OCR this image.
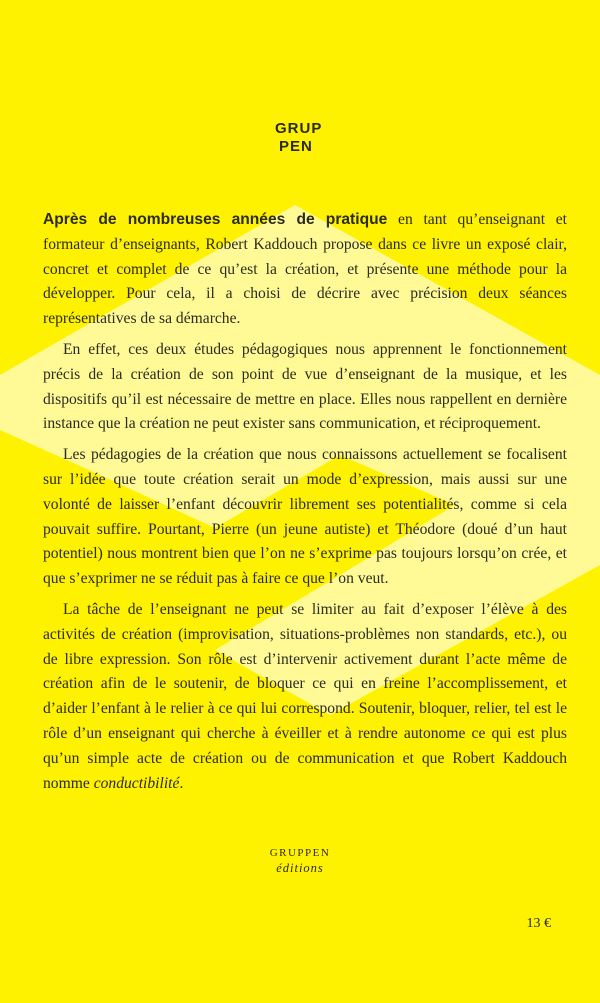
GRUP
PEN

Après de nombreuses années de pratique en tant qu’enseignant et formateur d’enseignants, Robert Kaddouch propose dans ce livre un exposé clair, concret et complet de ce qu’est la création, et présente une méthode pour la développer. Pour cela, il a choisi de décrire avec précision deux séances représentatives de sa démarche.

En effet, ces deux études pédagogiques nous apprennent le fonctionnement précis de la création de son point de vue d’enseignant de la musique, et les dispositifs qu’il est nécessaire de mettre en place. Elles nous rappellent en dernière instance que la création ne peut exister sans communication, et réciproquement.

Les pédagogies de la création que nous connaissons actuellement se focalisent sur l’idée que toute création serait un mode d’expression, mais aussi sur une volonté de laisser l’enfant découvrir librement ses potentialités, comme si cela pouvait suffire. Pourtant, Pierre (un jeune autiste) et Théodore (doué d’un haut potentiel) nous montrent bien que l’on ne s’exprime pas toujours lorsqu’on crée, et que s’exprimer ne se réduit pas à faire ce que l’on veut.

La tâche de l’enseignant ne peut se limiter au fait d’exposer l’élève à des activités de création (improvisation, situations-problèmes non standards, etc.), ou de libre expression. Son rôle est d’intervenir activement durant l’acte même de création afin de le soutenir, de bloquer ce qui en freine l’accomplissement, et d’aider l’enfant à le relier à ce qui lui correspond. Soutenir, bloquer, relier, tel est le rôle d’un enseignant qui cherche à éveiller et à rendre autonome ce qui est plus qu’un simple acte de création ou de communication et que Robert Kaddouch nomme conductibilité.

GRUPPEN
éditions
13 €
